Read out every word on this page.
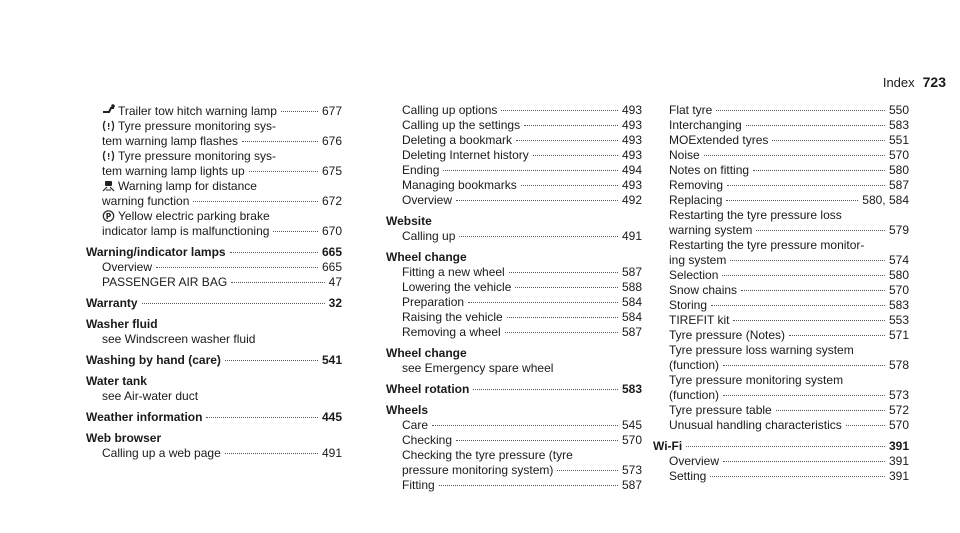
Index 723
Trailer tow hitch warning lamp	677
Tyre pressure monitoring sys-
tem warning lamp flashes	676
Tyre pressure monitoring sys-
tem warning lamp lights up	675
Warning lamp for distance
warning function	672
P Yellow electric parking brake
indicator lamp is malfunctioning	670
Warning/indicator lamps	665
Overview	665
PASSENGER AIR BAG	47
Warranty	32
Washer fluid
see Windscreen washer fluid
Washing by hand (care)	541
Water tank
see Air-water duct
Weather information	445
Web browser
Calling up a web page	491
Calling up options	493
Calling up the settings	493
Deleting a bookmark	493
Deleting Internet history	493
Ending	494
Managing bookmarks	493
Overview	492
Website
Calling up	491
Wheel change
Fitting a new wheel	587
Lowering the vehicle	588
Preparation	584
Raising the vehicle	584
Removing a wheel	587
Wheel change
see Emergency spare wheel
Wheel rotation	583
Wheels
Care	545
Checking	570
Checking the tyre pressure (tyre
pressure monitoring system)	573
Fitting	587
Flat tyre	550
Interchanging	583
MOExtended tyres	551
Noise	570
Notes on fitting	580
Removing	587
Replacing	580, 584
Restarting the tyre pressure loss
warning system	579
Restarting the tyre pressure monitor-
ing system	574
Selection	580
Snow chains	570
Storing	583
TIREFIT kit	553
Tyre pressure (Notes)	571
Tyre pressure loss warning system
(function)	578
Tyre pressure monitoring system
(function)	573
Tyre pressure table	572
Unusual handling characteristics	570
Wi-Fi	391
Overview	391
Setting	391
